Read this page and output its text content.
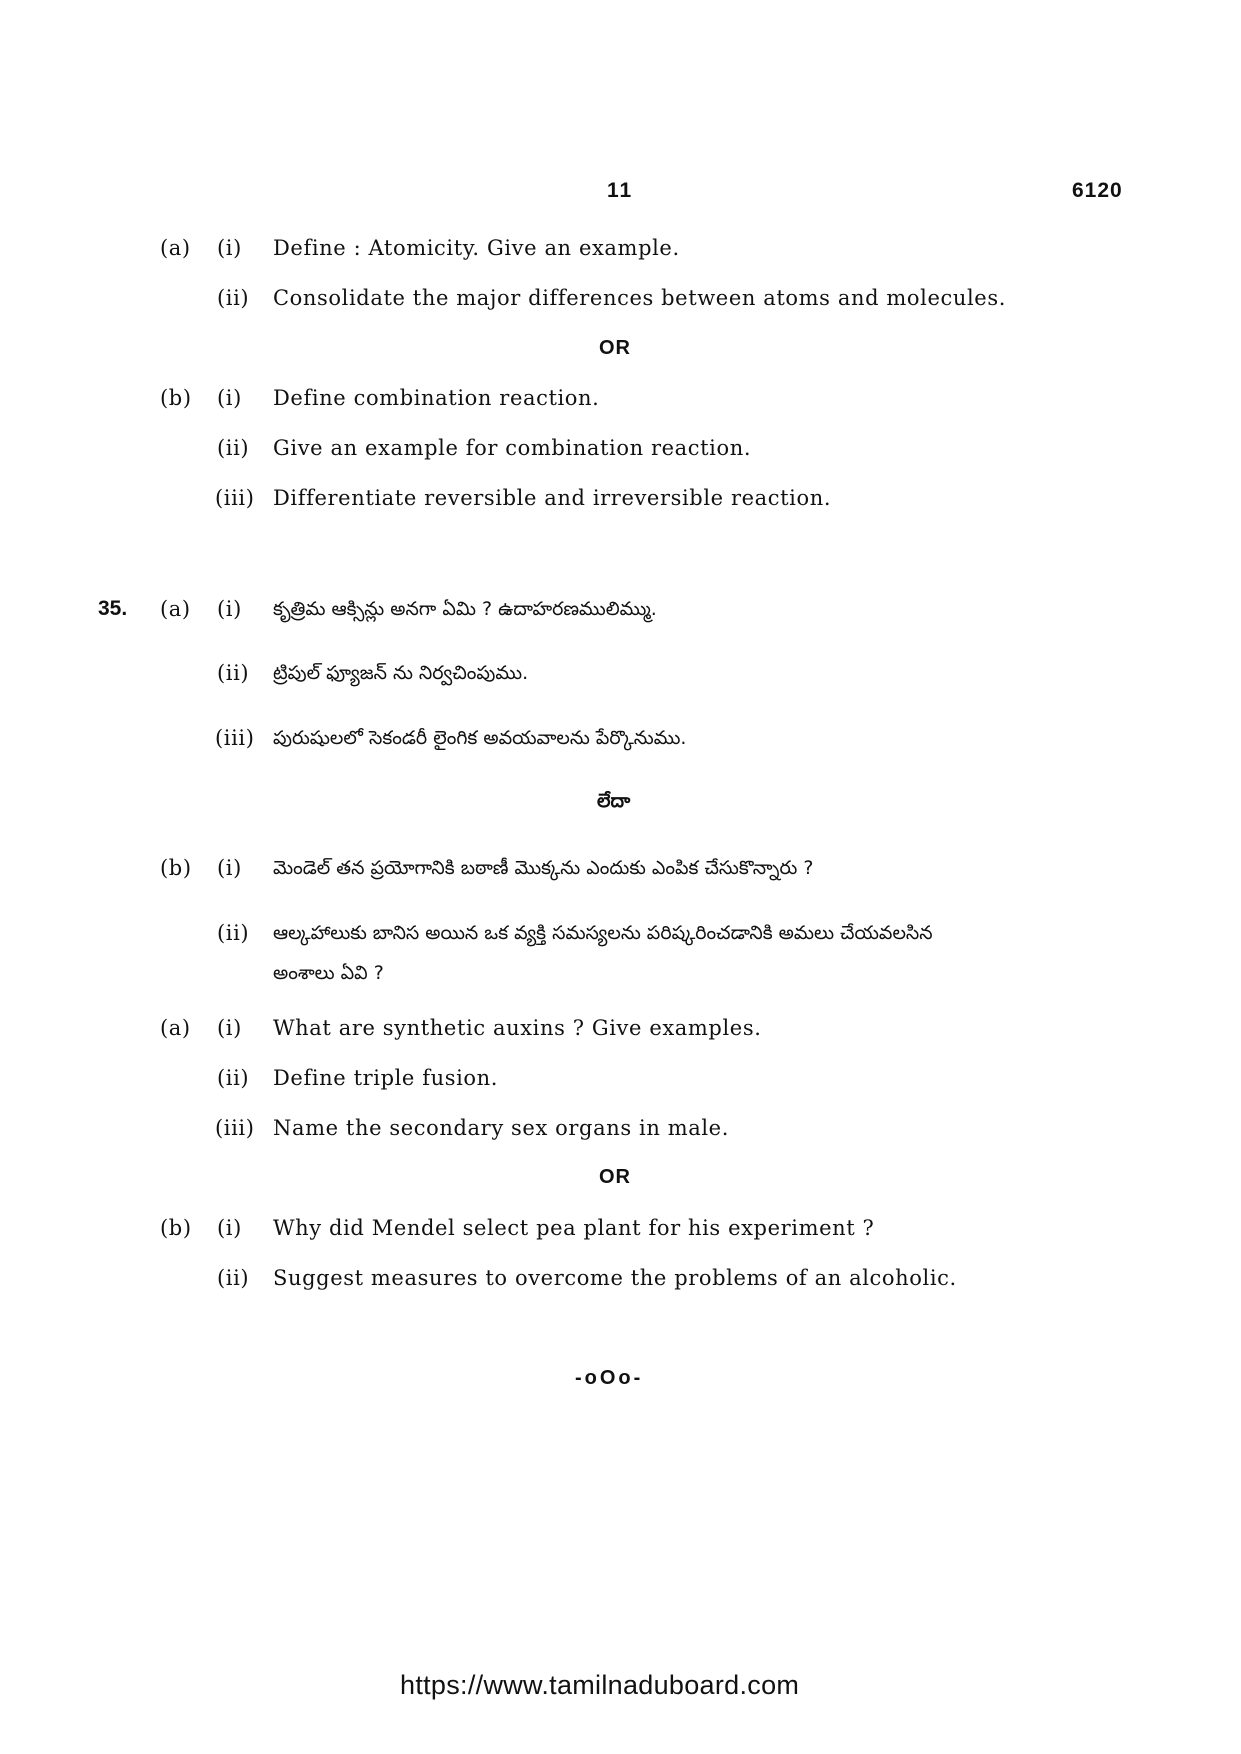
11	6120
(a) (i) Define : Atomicity. Give an example.
(ii) Consolidate the major differences between atoms and molecules.
OR
(b) (i) Define combination reaction.
(ii) Give an example for combination reaction.
(iii) Differentiate reversible and irreversible reaction.
35. (a) (i) కృత్రిమ ఆక్సిన్లు అనగా ఏమి ? ఉదాహరణములిమ్ము.
(ii) ట్రిపుల్ ఫ్యూజన్ ను నిర్వచింపుము.
(iii) పురుషులలో సెకండరీ లైంగిక అవయవాలను పేర్కొనుము.
లేదా
(b) (i) మెండెల్ తన ప్రయోగానికి బఠాణీ మొక్కను ఎందుకు ఎంపిక చేసుకొన్నారు ?
(ii) ఆల్కహాలుకు బానిస అయిన ఒక వ్యక్తి సమస్యలను పరిష్కరించడానికి అమలు చేయవలసిన
అంశాలు ఏవి ?
(a) (i) What are synthetic auxins ? Give examples.
(ii) Define triple fusion.
(iii) Name the secondary sex organs in male.
OR
(b) (i) Why did Mendel select pea plant for his experiment ?
(ii) Suggest measures to overcome the problems of an alcoholic.
-oOo-
https://www.tamilnaduboard.com
